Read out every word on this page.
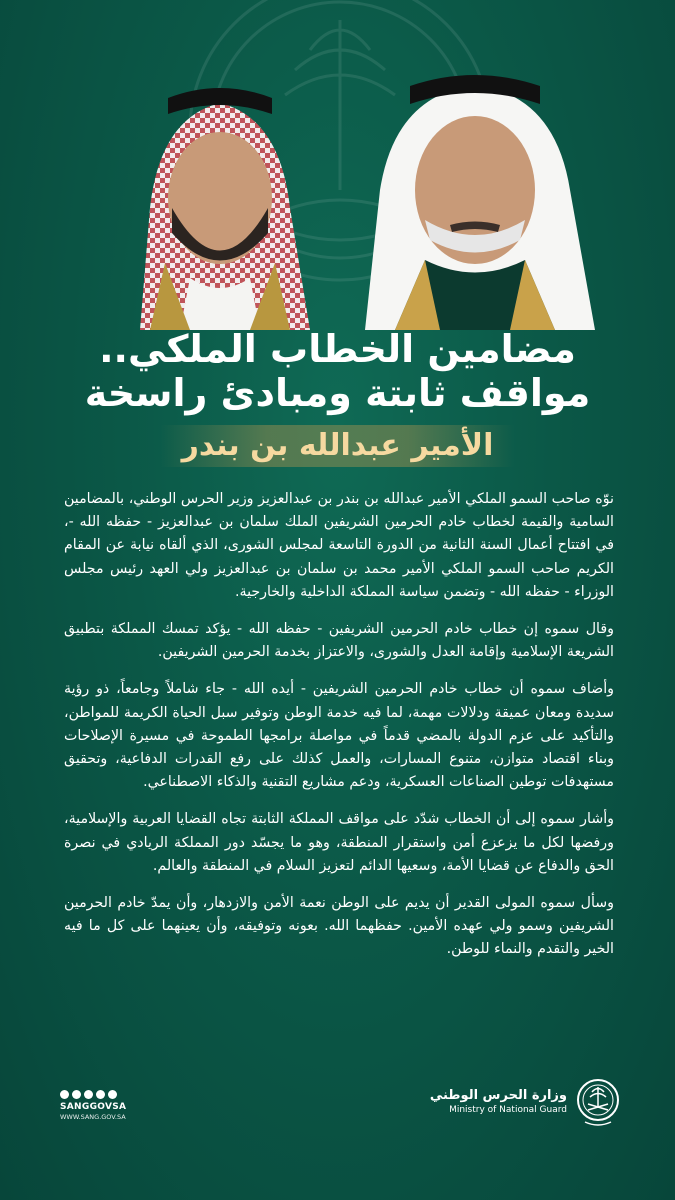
مضامين الخطاب الملكي..
مواقف ثابتة ومبادئ راسخة
الأمير عبدالله بن بندر

نوّه صاحب السمو الملكي الأمير عبدالله بن بندر بن عبدالعزيز وزير الحرس الوطني، بالمضامين السامية والقيمة لخطاب خادم الحرمين الشريفين الملك سلمان بن عبدالعزيز - حفظه الله -، في افتتاح أعمال السنة الثانية من الدورة التاسعة لمجلس الشورى، الذي ألقاه نيابة عن المقام الكريم صاحب السمو الملكي الأمير محمد بن سلمان بن عبدالعزيز ولي العهد رئيس مجلس الوزراء - حفظه الله - وتضمن سياسة المملكة الداخلية والخارجية.

وقال سموه إن خطاب خادم الحرمين الشريفين - حفظه الله - يؤكد تمسك المملكة بتطبيق الشريعة الإسلامية وإقامة العدل والشورى، والاعتزاز بخدمة الحرمين الشريفين.

وأضاف سموه أن خطاب خادم الحرمين الشريفين - أيده الله - جاء شاملاً وجامعاً، ذو رؤية سديدة ومعان عميقة ودلالات مهمة، لما فيه خدمة الوطن وتوفير سبل الحياة الكريمة للمواطن، والتأكيد على عزم الدولة بالمضي قدماً في مواصلة برامجها الطموحة في مسيرة الإصلاحات وبناء اقتصاد متوازن، متنوع المسارات، والعمل كذلك على رفع القدرات الدفاعية، وتحقيق مستهدفات توطين الصناعات العسكرية، ودعم مشاريع التقنية والذكاء الاصطناعي.

وأشار سموه إلى أن الخطاب شدّد على مواقف المملكة الثابتة تجاه القضايا العربية والإسلامية، ورفضها لكل ما يزعزع أمن واستقرار المنطقة، وهو ما يجسّد دور المملكة الريادي في نصرة الحق والدفاع عن قضايا الأمة، وسعيها الدائم لتعزيز السلام في المنطقة والعالم.

وسأل سموه المولى القدير أن يديم على الوطن نعمة الأمن والازدهار، وأن يمدّ خادم الحرمين الشريفين وسمو ولي عهده الأمين. حفظهما الله. بعونه وتوفيقه، وأن يعينهما على كل ما فيه الخير والتقدم والنماء للوطن.

SANGGOVSA
WWW.SANG.GOV.SA
وزارة الحرس الوطني
Ministry of National Guard
